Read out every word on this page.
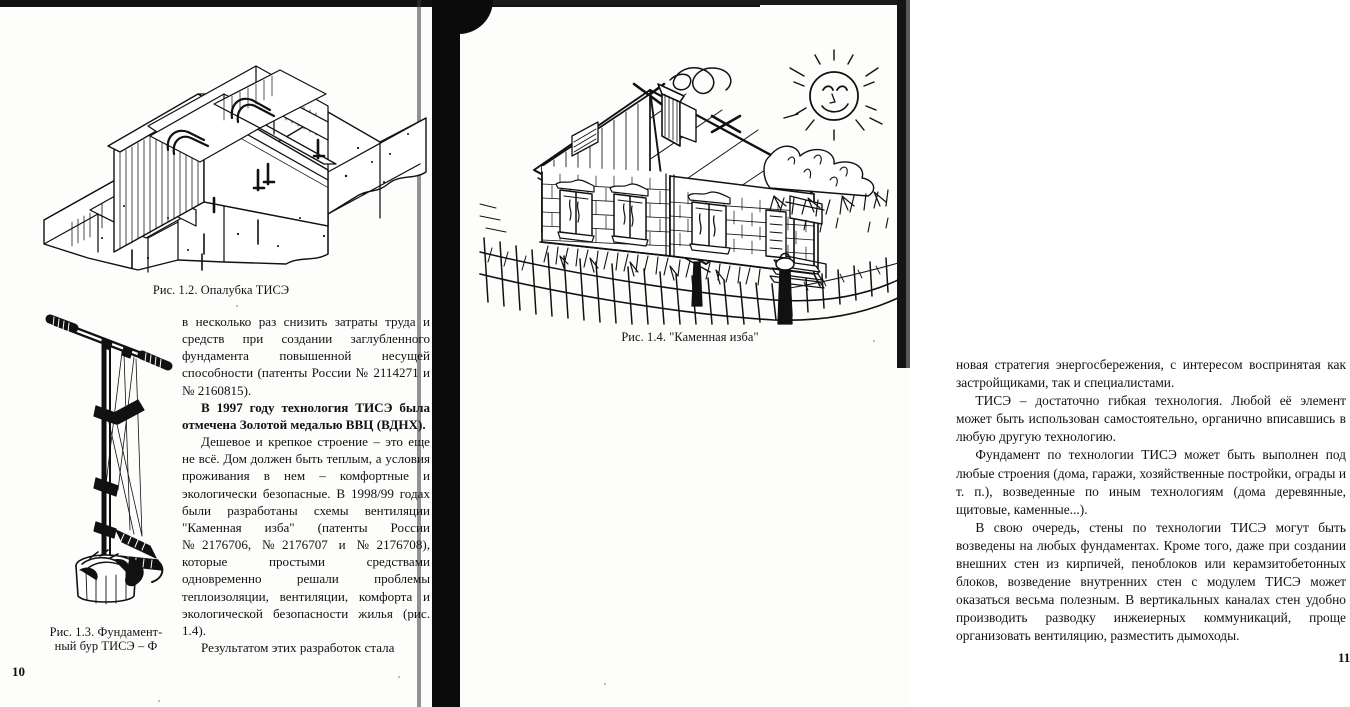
Рис. 1.2. Опалубка ТИСЭ
Рис. 1.3. Фундамент-
ный бур ТИСЭ – Ф

в несколько раз снизить затраты труда и средств при создании заглубленного фундамента повышенной несущей способности (патенты России № 2114271 и № 2160815).

В 1997 году технология ТИСЭ была отмечена Золотой медалью ВВЦ (ВДНХ).

Дешевое и крепкое строение – это еще не всё. Дом должен быть теплым, а условия проживания в нем – комфортные и экологически безопасные. В 1998/99 годах были разработаны схемы вентиляции "Каменная изба" (патенты России №2176706, №2176707 и №2176708), которые простыми средствами одновременно решали проблемы теплоизоляции, вентиляции, комфорта и экологической безопасности жилья (рис. 1.4).

Результатом этих разработок стала

10
Рис. 1.4. "Каменная изба"

новая стратегия энергосбережения, с интересом воспринятая как застройщиками, так и специалистами.

ТИСЭ – достаточно гибкая технология. Любой её элемент может быть использован самостоятельно, органично вписавшись в любую другую технологию.

Фундамент по технологии ТИСЭ может быть выполнен под любые строения (дома, гаражи, хозяйственные постройки, ограды и т. п.), возведенные по иным технологиям (дома деревянные, щитовые, каменные...).

В свою очередь, стены по технологии ТИСЭ могут быть возведены на любых фундаментах. Кроме того, даже при создании внешних стен из кирпичей, пеноблоков или керамзитобетонных блоков, возведение внутренних стен с модулем ТИСЭ может оказаться весьма полезным. В вертикальных каналах стен удобно производить разводку инжеиерных коммуникаций, проще организовать вентиляцию, разместить дымоходы.

11
